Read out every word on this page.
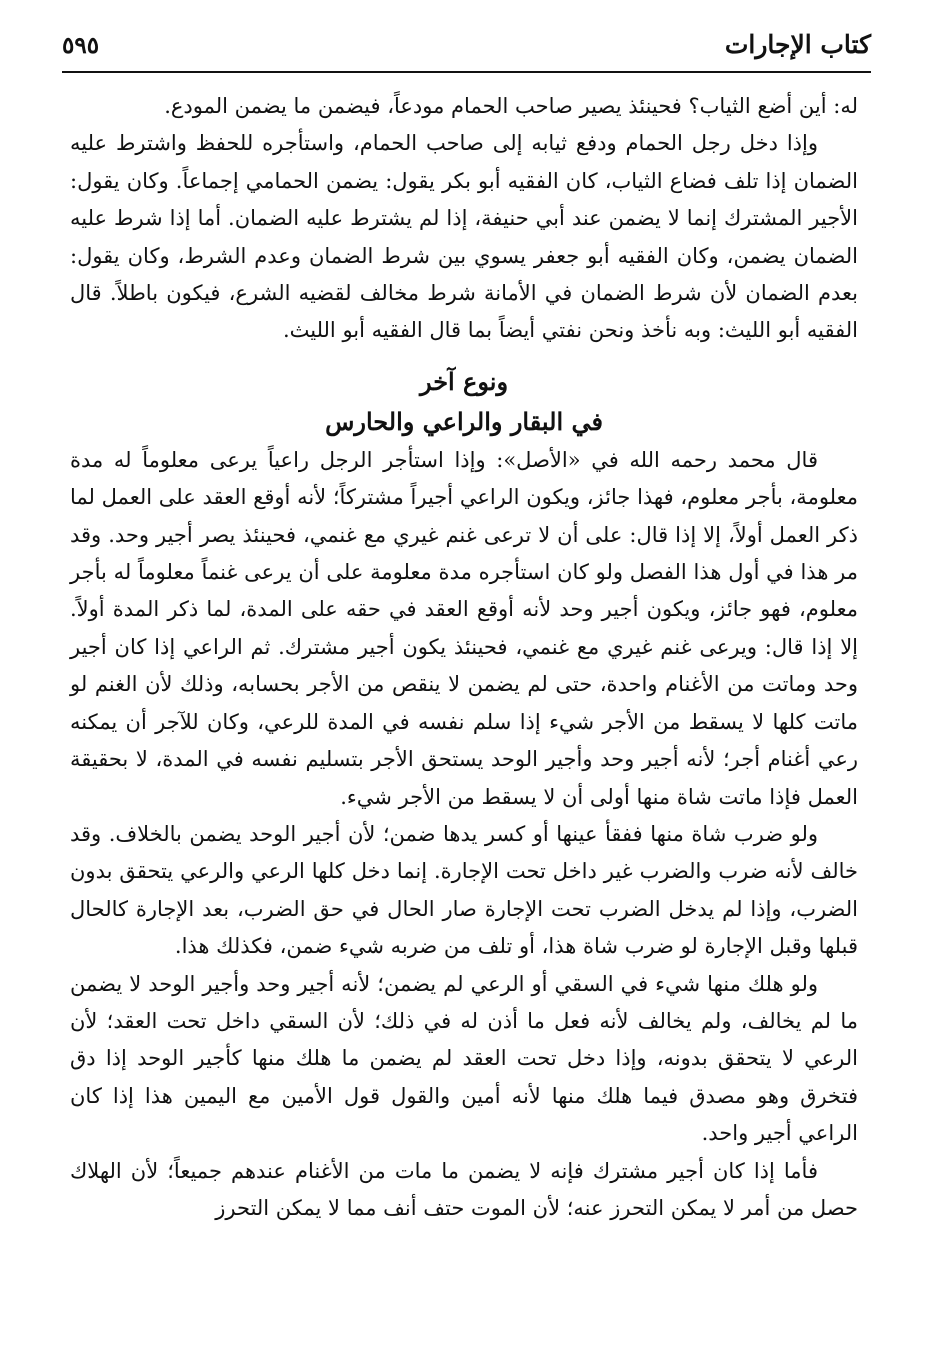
كتاب الإجارات
٥٩٥

له: أين أضع الثياب؟ فحينئذ يصير صاحب الحمام مودعاً، فيضمن ما يضمن المودع.

وإذا دخل رجل الحمام ودفع ثيابه إلى صاحب الحمام، واستأجره للحفظ واشترط عليه الضمان إذا تلف فضاع الثياب، كان الفقيه أبو بكر يقول: يضمن الحمامي إجماعاً. وكان يقول: الأجير المشترك إنما لا يضمن عند أبي حنيفة، إذا لم يشترط عليه الضمان. أما إذا شرط عليه الضمان يضمن، وكان الفقيه أبو جعفر يسوي بين شرط الضمان وعدم الشرط، وكان يقول: بعدم الضمان لأن شرط الضمان في الأمانة شرط مخالف لقضيه الشرع، فيكون باطلاً. قال الفقيه أبو الليث: وبه نأخذ ونحن نفتي أيضاً بما قال الفقيه أبو الليث.

ونوع آخر

في البقار والراعي والحارس

قال محمد رحمه الله في «الأصل»: وإذا استأجر الرجل راعياً يرعى معلوماً له مدة معلومة، بأجر معلوم، فهذا جائز، ويكون الراعي أجيراً مشتركاً؛ لأنه أوقع العقد على العمل لما ذكر العمل أولاً، إلا إذا قال: على أن لا ترعى غنم غيري مع غنمي، فحينئذ يصر أجير وحد. وقد مر هذا في أول هذا الفصل ولو كان استأجره مدة معلومة على أن يرعى غنماً معلوماً له بأجر معلوم، فهو جائز، ويكون أجير وحد لأنه أوقع العقد في حقه على المدة، لما ذكر المدة أولاً. إلا إذا قال: ويرعى غنم غيري مع غنمي، فحينئذ يكون أجير مشترك. ثم الراعي إذا كان أجير وحد وماتت من الأغنام واحدة، حتى لم يضمن لا ينقص من الأجر بحسابه، وذلك لأن الغنم لو ماتت كلها لا يسقط من الأجر شيء إذا سلم نفسه في المدة للرعي، وكان للآجر أن يمكنه رعي أغنام أجر؛ لأنه أجير وحد وأجير الوحد يستحق الأجر بتسليم نفسه في المدة، لا بحقيقة العمل فإذا ماتت شاة منها أولى أن لا يسقط من الأجر شيء.

ولو ضرب شاة منها ففقأ عينها أو كسر يدها ضمن؛ لأن أجير الوحد يضمن بالخلاف. وقد خالف لأنه ضرب والضرب غير داخل تحت الإجارة. إنما دخل كلها الرعي والرعي يتحقق بدون الضرب، وإذا لم يدخل الضرب تحت الإجارة صار الحال في حق الضرب، بعد الإجارة كالحال قبلها وقبل الإجارة لو ضرب شاة هذا، أو تلف من ضربه شيء ضمن، فكذلك هذا.

ولو هلك منها شيء في السقي أو الرعي لم يضمن؛ لأنه أجير وحد وأجير الوحد لا يضمن ما لم يخالف، ولم يخالف لأنه فعل ما أذن له في ذلك؛ لأن السقي داخل تحت العقد؛ لأن الرعي لا يتحقق بدونه، وإذا دخل تحت العقد لم يضمن ما هلك منها كأجير الوحد إذا دق فتخرق وهو مصدق فيما هلك منها لأنه أمين والقول قول الأمين مع اليمين هذا إذا كان الراعي أجير واحد.

فأما إذا كان أجير مشترك فإنه لا يضمن ما مات من الأغنام عندهم جميعاً؛ لأن الهلاك حصل من أمر لا يمكن التحرز عنه؛ لأن الموت حتف أنف مما لا يمكن التحرز
